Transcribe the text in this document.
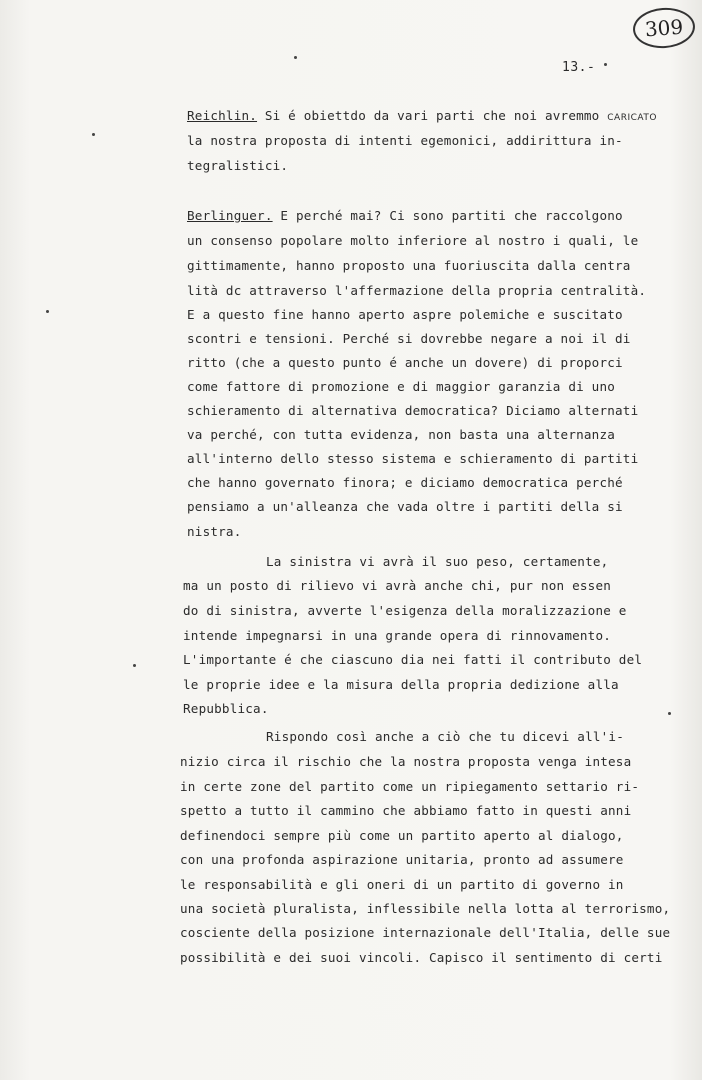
309
13.-
Reichlin. Si é obiettdo da vari parti che noi avremmo CARICATO
la nostra proposta di intenti egemonici, addirittura in-
tegralistici.
Berlinguer. E perché mai? Ci sono partiti che raccolgono
un consenso popolare molto inferiore al nostro i quali, le
gittimamente, hanno proposto una fuoriuscita dalla centra
lità dc attraverso l'affermazione della propria centralità.
E a questo fine hanno aperto aspre polemiche e suscitato
scontri e tensioni. Perché si dovrebbe negare a noi il di
ritto (che a questo punto é anche un dovere) di proporci
come fattore di promozione e di maggior garanzia di uno
schieramento di alternativa democratica? Diciamo alternati
va perché, con tutta evidenza, non basta una alternanza
all'interno dello stesso sistema e schieramento di partiti
che hanno governato finora; e diciamo democratica perché
pensiamo a un'alleanza che vada oltre i partiti della si
nistra.
La sinistra vi avrà il suo peso, certamente,
ma un posto di rilievo vi avrà anche chi, pur non essen
do di sinistra, avverte l'esigenza della moralizzazione e
intende impegnarsi in una grande opera di rinnovamento.
L'importante é che ciascuno dia nei fatti il contributo del
le proprie idee e la misura della propria dedizione alla
Repubblica.
Rispondo così anche a ciò che tu dicevi all'i-
nizio circa il rischio che la nostra proposta venga intesa
in certe zone del partito come un ripiegamento settario ri-
spetto a tutto il cammino che abbiamo fatto in questi anni
definendoci sempre più come un partito aperto al dialogo,
con una profonda aspirazione unitaria, pronto ad assumere
le responsabilità e gli oneri di un partito di governo in
una società pluralista, inflessibile nella lotta al terrorismo,
cosciente della posizione internazionale dell'Italia, delle sue
possibilità e dei suoi vincoli. Capisco il sentimento di certi
